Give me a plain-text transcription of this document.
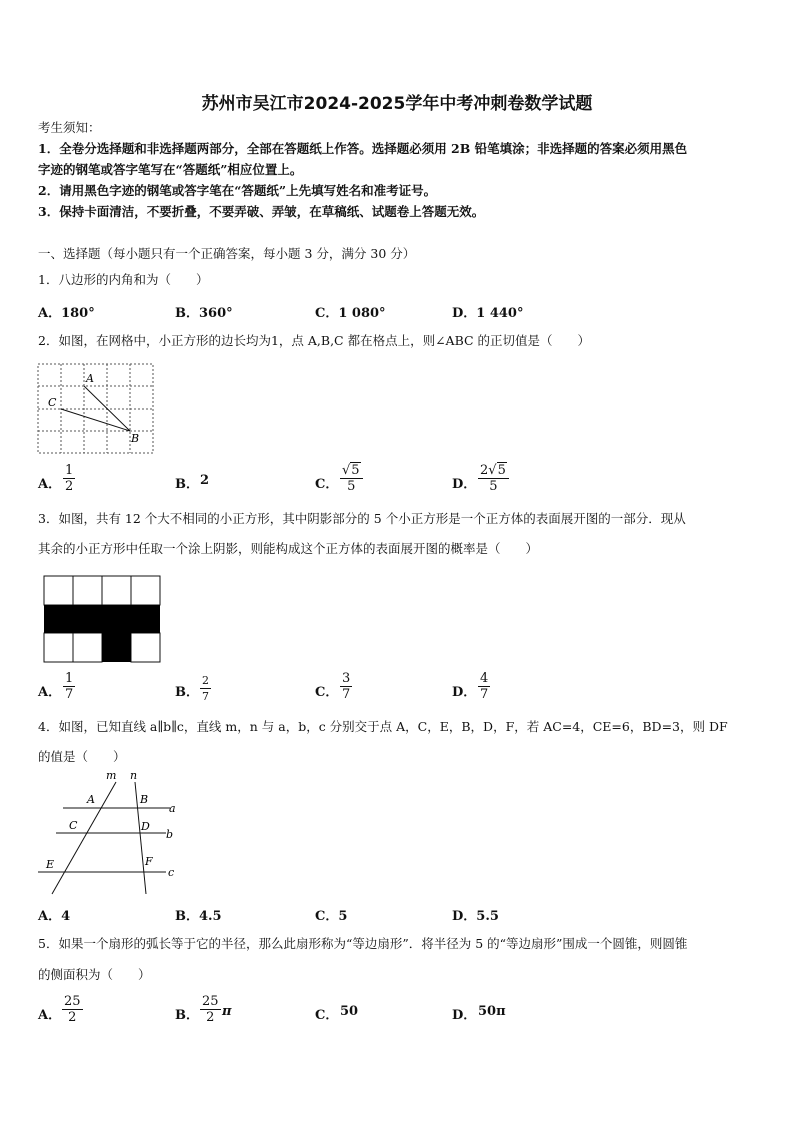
苏州市吴江市2024-2025学年中考冲刺卷数学试题
考生须知：
1．全卷分选择题和非选择题两部分，全部在答题纸上作答。选择题必须用 2B 铅笔填涂；非选择题的答案必须用黑色
字迹的钢笔或答字笔写在“答题纸”相应位置上。
2．请用黑色字迹的钢笔或答字笔在“答题纸”上先填写姓名和准考证号。
3．保持卡面清洁，不要折叠，不要弄破、弄皱，在草稿纸、试题卷上答题无效。
一、选择题（每小题只有一个正确答案，每小题 3 分，满分 30 分）
1．八边形的内角和为（　　）
A．180°	B．360°	C．1 080°	D．1 440°
2．如图，在网格中，小正方形的边长均为1，点 A,B,C 都在格点上，则∠ABC 的正切值是（　　）
A
C
B
A．
1
2	B． 2	C．
√5
5	D．
2√5
5
3．如图，共有 12 个大不相同的小正方形，其中阴影部分的 5 个小正方形是一个正方体的表面展开图的一部分．现从
其余的小正方形中任取一个涂上阴影，则能构成这个正方体的表面展开图的概率是（　　）
A．
1
7	B．
2
7	C．
3
7	D．
4
7
4．如图，已知直线 a∥b∥c，直线 m，n 与 a，b，c 分别交于点 A，C，E，B，D，F，若 AC=4，CE=6，BD=3，则 DF
的值是（　　）
m n
A	B
a
C	D
b
E	F
c
A．4	B．4.5	C．5	D．5.5
5．如果一个扇形的弧长等于它的半径，那么此扇形称为“等边扇形”．将半径为 5 的“等边扇形”围成一个圆锥，则圆锥
的侧面积为（　　）
A．
25
2	B．
25
2 π	C． 50	D． 50π
